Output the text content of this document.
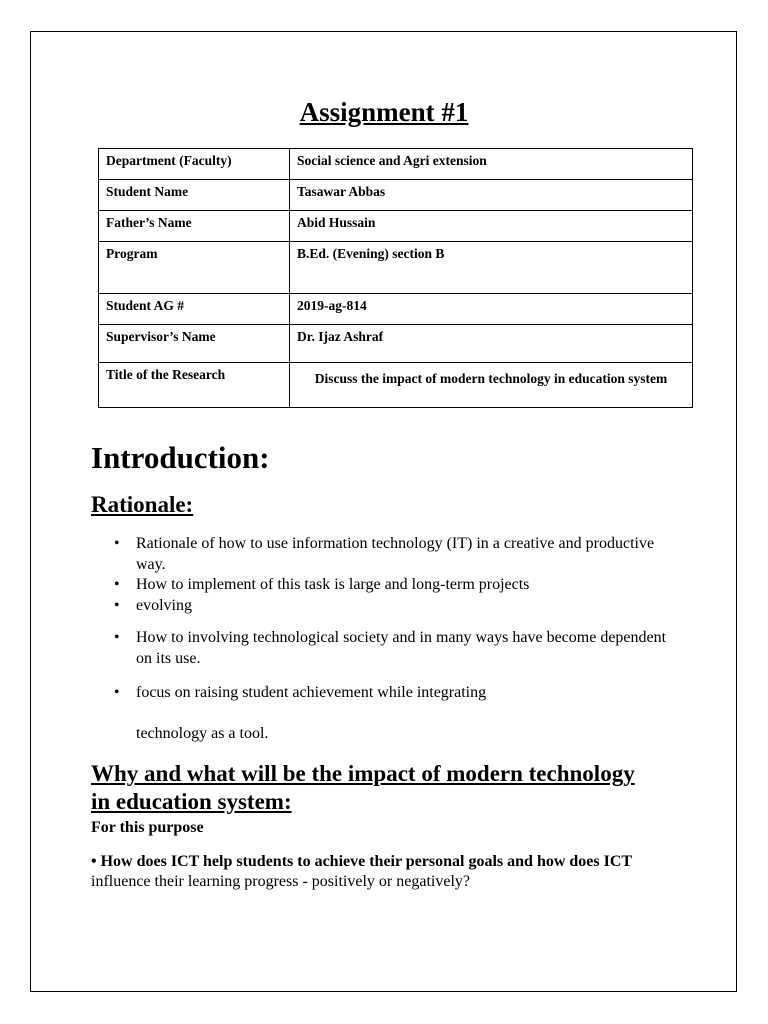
Assignment #1
Department (Faculty)	Social science and Agri extension
Student Name	Tasawar Abbas
Father’s Name	Abid Hussain
Program	B.Ed. (Evening) section B
Student AG #	2019-ag-814
Supervisor’s Name	Dr. Ijaz Ashraf
Title of the Research	Discuss the impact of modern technology in education system
Introduction:
Rationale:
• Rationale of how to use information technology (IT) in a creative and productive way.
• How to implement of this task is large and long-term projects
• evolving
• How to involving technological society and in many ways have become dependent on its use.
• focus on raising student achievement while integrating

technology as a tool.

Why and what will be the impact of modern technology in education system:

For this purpose

• How does ICT help students to achieve their personal goals and how does ICT influence their learning progress - positively or negatively?
